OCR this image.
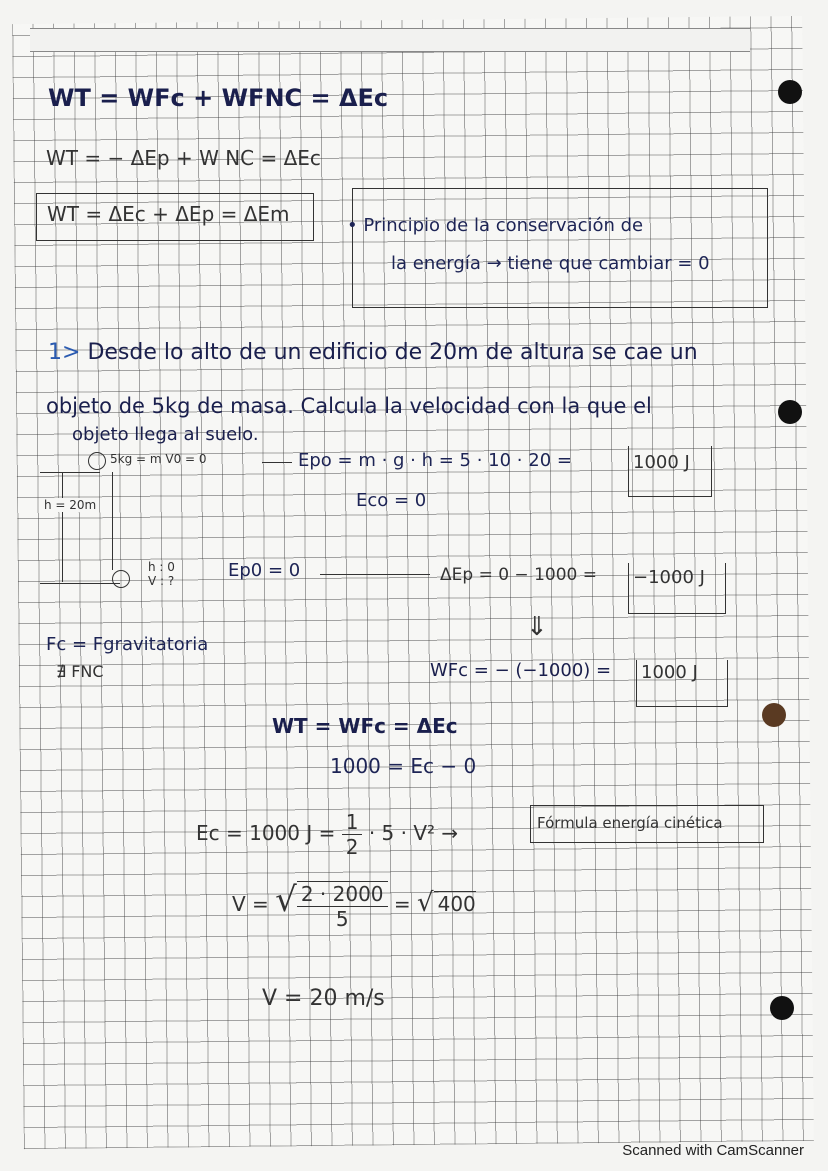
WT = WFc + WFNC = ΔEc
WT = − ΔEp + W NC = ΔEc
WT = ΔEc + ΔEp = ΔEm	• Principio de la conservación de
la energía → tiene que cambiar = 0
1> Desde lo alto de un edificio de 20m de altura se cae un
objeto de 5kg de masa. Calcula la velocidad con la que el
objeto llega al suelo.
5kg = m V0 = 0
h = 20m
h : 0
V : ?
Epo = m · g · h = 5 · 10 · 20 =	1000 J
Eco = 0
Ep0 = 0	ΔEp = 0 − 1000 = −1000 J
⇓
Fc = Fgravitatoria
∄ FNC	WFc = − (−1000) = 1000 J
WT = WFc = ΔEc
1000 = Ec − 0
Ec = 1000 $J = \frac{1}{2} \cdot 5 \cdot V^2$ →	Fórmula energía cinética
V = √ $\frac{2 \cdot 2000}{5}$ = √ 400
V = 20 m/s
Scanned with CamScanner
